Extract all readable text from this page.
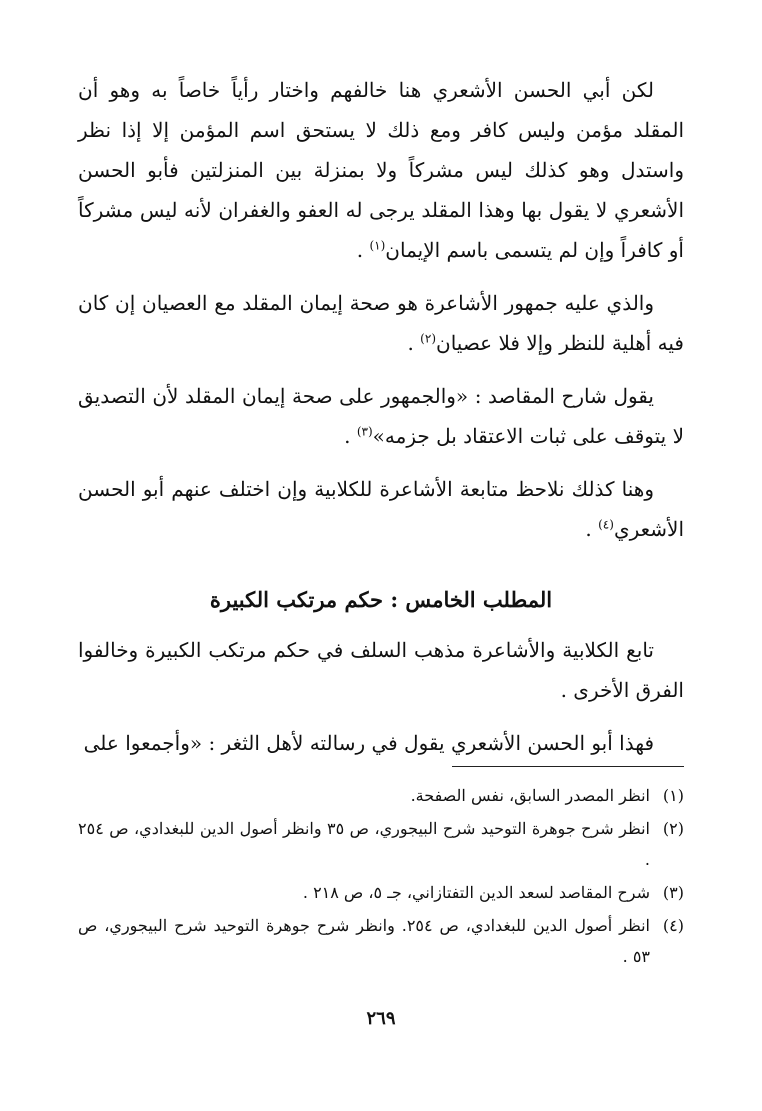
لكن أبي الحسن الأشعري هنا خالفهم واختار رأياً خاصاً به وهو أن المقلد مؤمن وليس كافر ومع ذلك لا يستحق اسم المؤمن إلا إذا نظر واستدل وهو كذلك ليس مشركاً ولا بمنزلة بين المنزلتين فأبو الحسن الأشعري لا يقول بها وهذا المقلد يرجى له العفو والغفران لأنه ليس مشركاً أو كافراً وإن لم يتسمى باسم الإيمان$^{(١)}$ .

والذي عليه جمهور الأشاعرة هو صحة إيمان المقلد مع العصيان إن كان فيه أهلية للنظر وإلا فلا عصيان$^{(٢)}$ .

يقول شارح المقاصد : «والجمهور على صحة إيمان المقلد لأن التصديق لا يتوقف على ثبات الاعتقاد بل جزمه»$^{(٣)}$ .

وهنا كذلك نلاحظ متابعة الأشاعرة للكلابية وإن اختلف عنهم أبو الحسن الأشعري$^{(٤)}$ .

المطلب الخامس : حكم مرتكب الكبيرة

تابع الكلابية والأشاعرة مذهب السلف في حكم مرتكب الكبيرة وخالفوا الفرق الأخرى .

فهذا أبو الحسن الأشعري يقول في رسالته لأهل الثغر : «وأجمعوا على

(١)
انظر المصدر السابق، نفس الصفحة.
(٢)
انظر شرح جوهرة التوحيد شرح البيجوري، ص ٣٥ وانظر أصول الدين للبغدادي، ص ٢٥٤ .
(٣)
شرح المقاصد لسعد الدين التفتازاني، جـ ٥، ص ٢١٨ .
(٤)
انظر أصول الدين للبغدادي، ص ٢٥٤. وانظر شرح جوهرة التوحيد شرح البيجوري، ص ٥٣ .
٢٦٩
